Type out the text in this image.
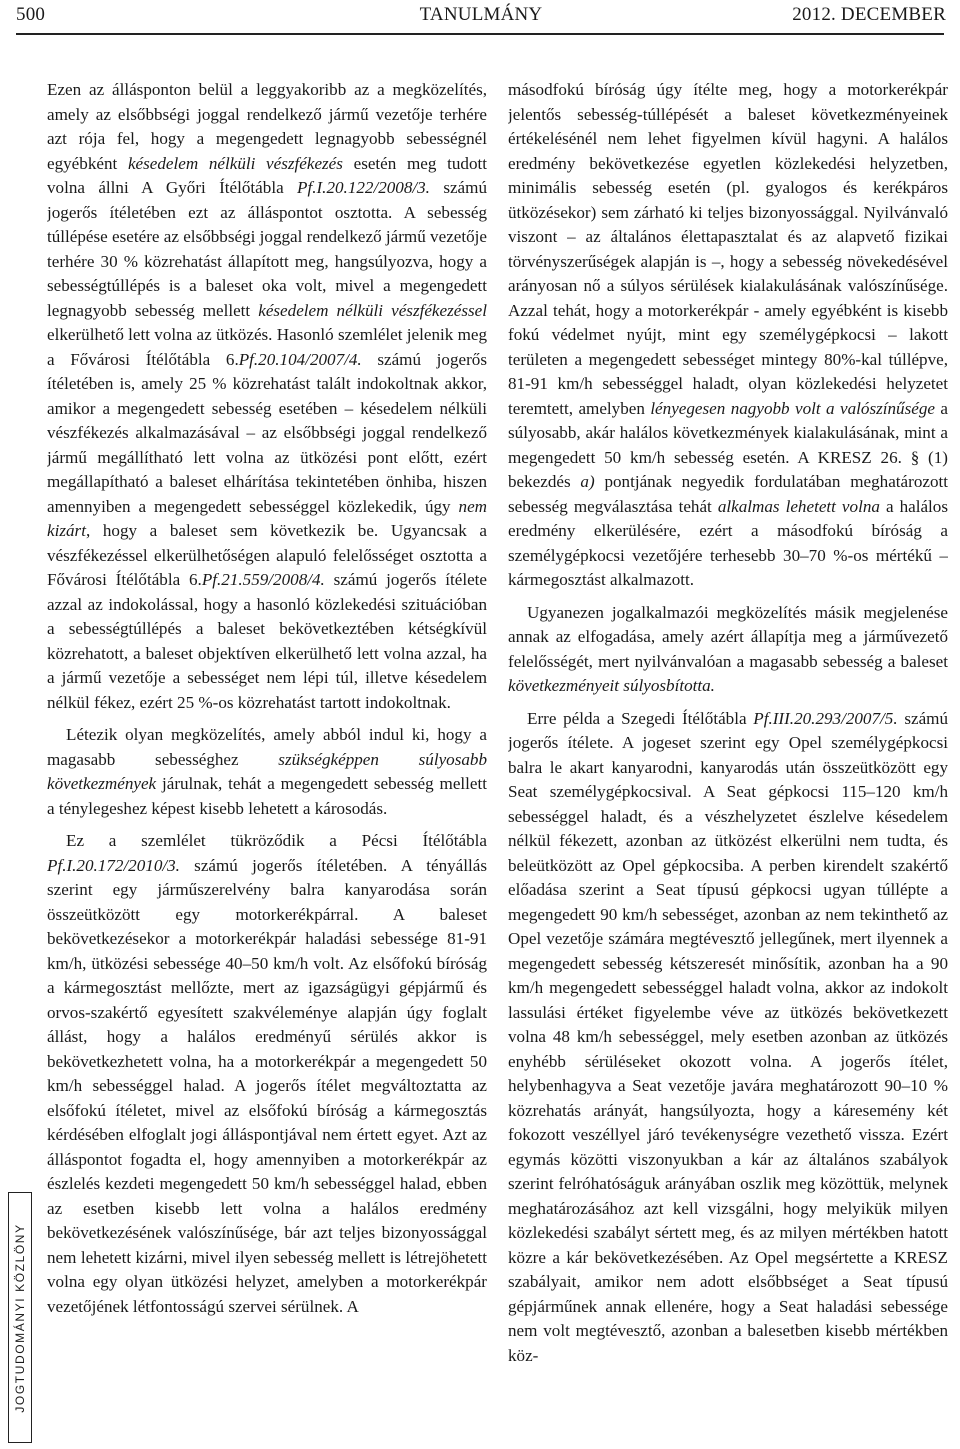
500	TANULMÁNY	2012. DECEMBER

Ezen az állásponton belül a leggyakoribb az a megközelítés, amely az elsőbbségi joggal rendelkező jármű vezetője terhére azt rója fel, hogy a megengedett legnagyobb sebességnél egyébként késedelem nélküli vészfékezés esetén meg tudott volna állni A Győri Ítélőtábla Pf.I.20.122/2008/3. számú jogerős ítéletében ezt az álláspontot osztotta. A sebesség túllépése esetére az elsőbbségi joggal rendelkező jármű vezetője terhére 30 % közrehatást állapított meg, hangsúlyozva, hogy a sebességtúllépés is a baleset oka volt, mivel a megengedett legnagyobb sebesség mellett késedelem nélküli vészfékezéssel elkerülhető lett volna az ütközés. Hasonló szemlélet jelenik meg a Fővárosi Ítélőtábla 6.Pf.20.104/2007/4. számú jogerős ítéletében is, amely 25 % közrehatást talált indokoltnak akkor, amikor a megengedett sebesség esetében – késedelem nélküli vészfékezés alkalmazásával – az elsőbbségi joggal rendelkező jármű megállítható lett volna az ütközési pont előtt, ezért megállapítható a baleset elhárítása tekintetében önhiba, hiszen amennyiben a megengedett sebességgel közlekedik, úgy nem kizárt, hogy a baleset sem következik be. Ugyancsak a vészfékezéssel elkerülhetőségen alapuló felelősséget osztotta a Fővárosi Ítélőtábla 6.Pf.21.559/2008/4. számú jogerős ítélete azzal az indokolással, hogy a hasonló közlekedési szituációban a sebességtúllépés a baleset bekövetkeztében kétségkívül közrehatott, a baleset objektíven elkerülhető lett volna azzal, ha a jármű vezetője a sebességet nem lépi túl, illetve késedelem nélkül fékez, ezért 25 %-os közrehatást tartott indokoltnak.

Létezik olyan megközelítés, amely abból indul ki, hogy a magasabb sebességhez szükségképpen súlyosabb következmények járulnak, tehát a megengedett sebesség mellett a ténylegeshez képest kisebb lehetett a károsodás.

Ez a szemlélet tükröződik a Pécsi Ítélőtábla Pf.I.20.172/2010/3. számú jogerős ítéletében. A tényállás szerint egy járműszerelvény balra kanyarodása során összeütközött egy motorkerékpárral. A baleset bekövetkezésekor a motorkerékpár haladási sebessége 81-91 km/h, ütközési sebessége 40–50 km/h volt. Az elsőfokú bíróság a kármegosztást mellőzte, mert az igazságügyi gépjármű és orvos-szakértő egyesített szakvéleménye alapján úgy foglalt állást, hogy a halálos eredményű sérülés akkor is bekövetkezhetett volna, ha a motorkerékpár a megengedett 50 km/h sebességgel halad. A jogerős ítélet megváltoztatta az elsőfokú ítéletet, mivel az elsőfokú bíróság a kármegosztás kérdésében elfoglalt jogi álláspontjával nem értett egyet. Azt az álláspontot fogadta el, hogy amennyiben a motorkerékpár az észlelés kezdeti megengedett 50 km/h sebességgel halad, ebben az esetben kisebb lett volna a halálos eredmény bekövetkezésének valószínűsége, bár azt teljes bizonyossággal nem lehetett kizárni, mivel ilyen sebesség mellett is létrejöhetett volna egy olyan ütközési helyzet, amelyben a motorkerékpár vezetőjének létfontosságú szervei sérülnek. A

másodfokú bíróság úgy ítélte meg, hogy a motorkerékpár jelentős sebesség-túllépését a baleset következményeinek értékelésénél nem lehet figyelmen kívül hagyni. A halálos eredmény bekövetkezése egyetlen közlekedési helyzetben, minimális sebesség esetén (pl. gyalogos és kerékpáros ütközésekor) sem zárható ki teljes bizonyossággal. Nyilvánvaló viszont – az általános élettapasztalat és az alapvető fizikai törvényszerűségek alapján is –, hogy a sebesség növekedésével arányosan nő a súlyos sérülések kialakulásának valószínűsége. Azzal tehát, hogy a motorkerékpár - amely egyébként is kisebb fokú védelmet nyújt, mint egy személygépkocsi – lakott területen a megengedett sebességet mintegy 80%-kal túllépve, 81-91 km/h sebességgel haladt, olyan közlekedési helyzetet teremtett, amelyben lényegesen nagyobb volt a valószínűsége a súlyosabb, akár halálos következmények kialakulásának, mint a megengedett 50 km/h sebesség esetén. A KRESZ 26. § (1) bekezdés a) pontjának negyedik fordulatában meghatározott sebesség megválasztása tehát alkalmas lehetett volna a halálos eredmény elkerülésére, ezért a másodfokú bíróság a személygépkocsi vezetőjére terhesebb 30–70 %-os mértékű – kármegosztást alkalmazott.

Ugyanezen jogalkalmazói megközelítés másik megjelenése annak az elfogadása, amely azért állapítja meg a járművezető felelősségét, mert nyilvánvalóan a magasabb sebesség a baleset következményeit súlyosbította.

Erre példa a Szegedi Ítélőtábla Pf.III.20.293/2007/5. számú jogerős ítélete. A jogeset szerint egy Opel személygépkocsi balra le akart kanyarodni, kanyarodás után összeütközött egy Seat személygépkocsival. A Seat gépkocsi 115–120 km/h sebességgel haladt, és a vészhelyzetet észlelve késedelem nélkül fékezett, azonban az ütközést elkerülni nem tudta, és beleütközött az Opel gépkocsiba. A perben kirendelt szakértő előadása szerint a Seat típusú gépkocsi ugyan túllépte a megengedett 90 km/h sebességet, azonban az nem tekinthető az Opel vezetője számára megtévesztő jellegűnek, mert ilyennek a megengedett sebesség kétszeresét minősítik, azonban ha a 90 km/h megengedett sebességgel haladt volna, akkor az indokolt lassulási értéket figyelembe véve az ütközés bekövetkezett volna 48 km/h sebességgel, mely esetben azonban az ütközés enyhébb sérüléseket okozott volna. A jogerős ítélet, helybenhagyva a Seat vezetője javára meghatározott 90–10 % közrehatás arányát, hangsúlyozta, hogy a káresemény két fokozott veszéllyel járó tevékenységre vezethető vissza. Ezért egymás közötti viszonyukban a kár az általános szabályok szerint felróhatóságuk arányában oszlik meg közöttük, melynek meghatározásához azt kell vizsgálni, hogy melyikük milyen közlekedési szabályt sértett meg, és az milyen mértékben hatott közre a kár bekövetkezésében. Az Opel megsértette a KRESZ szabályait, amikor nem adott elsőbbséget a Seat típusú gépjárműnek annak ellenére, hogy a Seat haladási sebessége nem volt megtévesztő, azonban a balesetben kisebb mértékben köz-

JOGTUDOMÁNYI KÖZLÖNY
